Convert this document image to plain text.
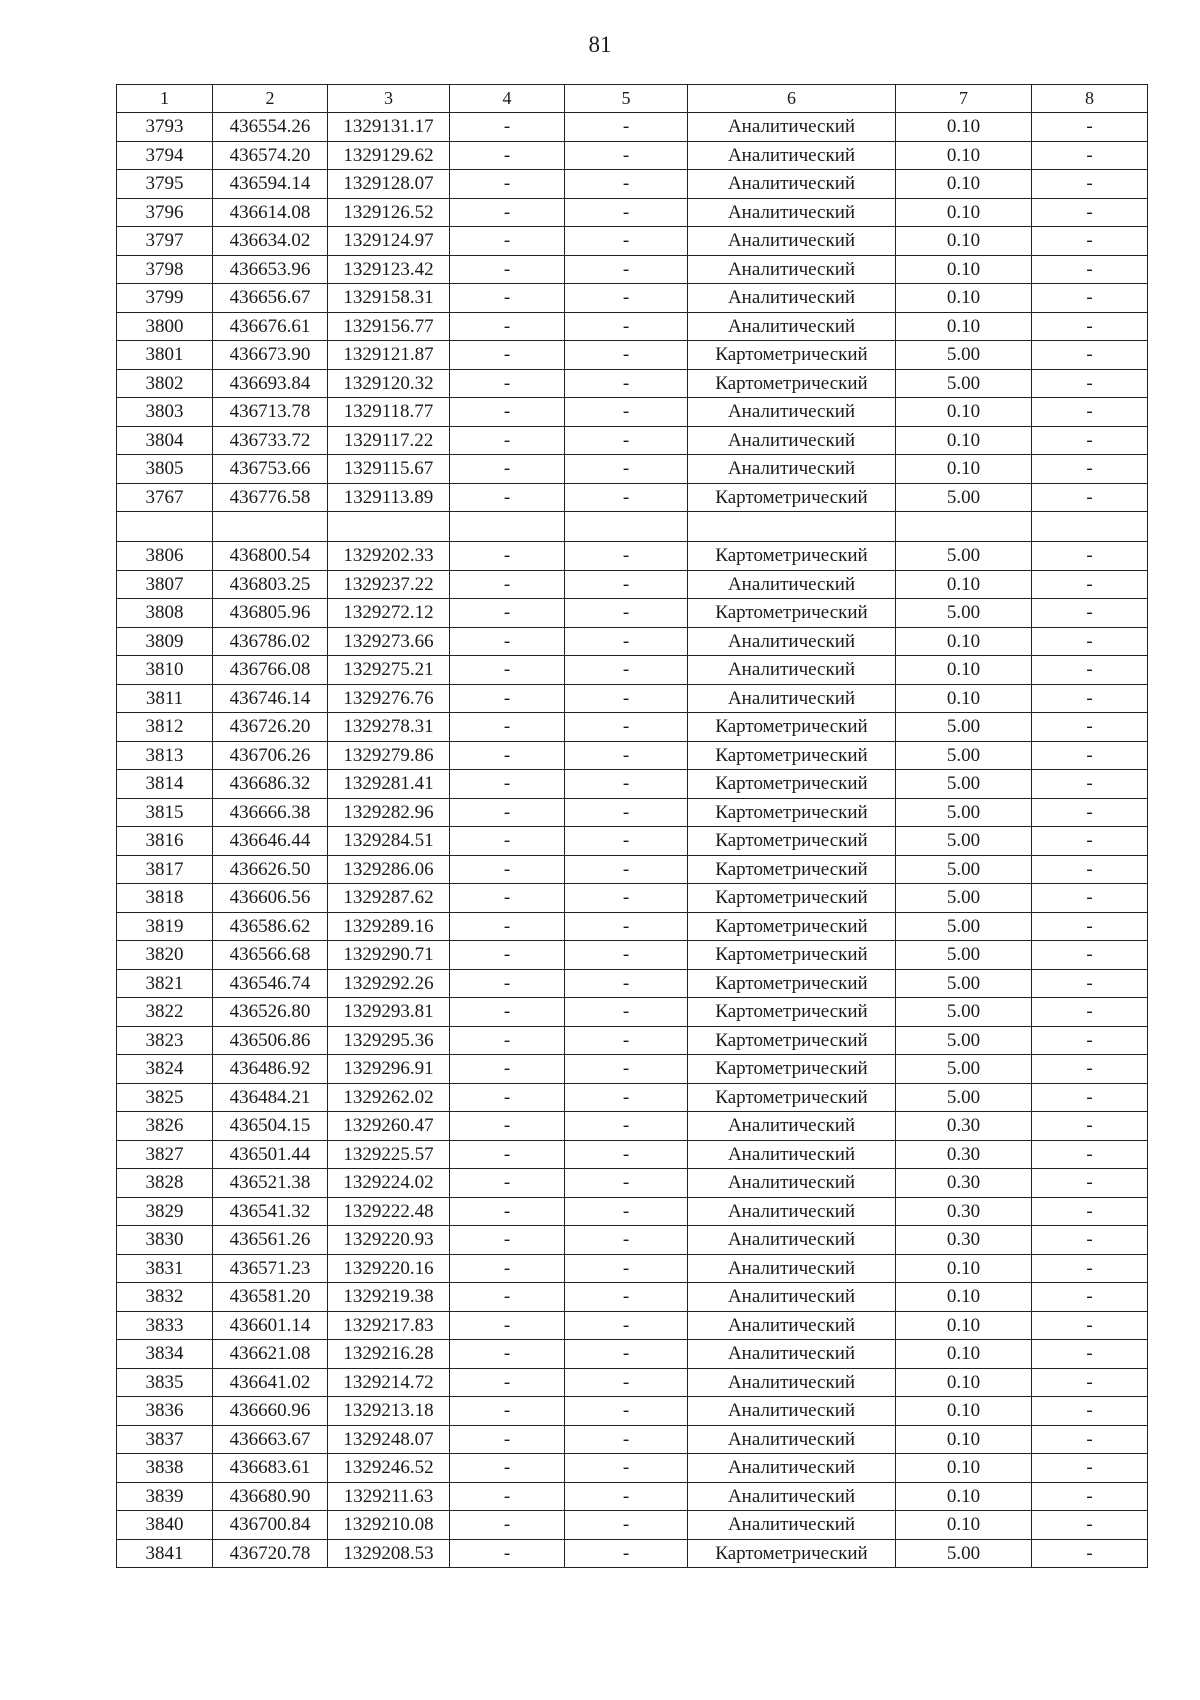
81
1	2	3	4	5	6	7	8
3793	436554.26	1329131.17	-	-	Аналитический	0.10	-
3794	436574.20	1329129.62	-	-	Аналитический	0.10	-
3795	436594.14	1329128.07	-	-	Аналитический	0.10	-
3796	436614.08	1329126.52	-	-	Аналитический	0.10	-
3797	436634.02	1329124.97	-	-	Аналитический	0.10	-
3798	436653.96	1329123.42	-	-	Аналитический	0.10	-
3799	436656.67	1329158.31	-	-	Аналитический	0.10	-
3800	436676.61	1329156.77	-	-	Аналитический	0.10	-
3801	436673.90	1329121.87	-	-	Картометрический	5.00	-
3802	436693.84	1329120.32	-	-	Картометрический	5.00	-
3803	436713.78	1329118.77	-	-	Аналитический	0.10	-
3804	436733.72	1329117.22	-	-	Аналитический	0.10	-
3805	436753.66	1329115.67	-	-	Аналитический	0.10	-
3767	436776.58	1329113.89	-	-	Картометрический	5.00	-

3806	436800.54	1329202.33	-	-	Картометрический	5.00	-
3807	436803.25	1329237.22	-	-	Аналитический	0.10	-
3808	436805.96	1329272.12	-	-	Картометрический	5.00	-
3809	436786.02	1329273.66	-	-	Аналитический	0.10	-
3810	436766.08	1329275.21	-	-	Аналитический	0.10	-
3811	436746.14	1329276.76	-	-	Аналитический	0.10	-
3812	436726.20	1329278.31	-	-	Картометрический	5.00	-
3813	436706.26	1329279.86	-	-	Картометрический	5.00	-
3814	436686.32	1329281.41	-	-	Картометрический	5.00	-
3815	436666.38	1329282.96	-	-	Картометрический	5.00	-
3816	436646.44	1329284.51	-	-	Картометрический	5.00	-
3817	436626.50	1329286.06	-	-	Картометрический	5.00	-
3818	436606.56	1329287.62	-	-	Картометрический	5.00	-
3819	436586.62	1329289.16	-	-	Картометрический	5.00	-
3820	436566.68	1329290.71	-	-	Картометрический	5.00	-
3821	436546.74	1329292.26	-	-	Картометрический	5.00	-
3822	436526.80	1329293.81	-	-	Картометрический	5.00	-
3823	436506.86	1329295.36	-	-	Картометрический	5.00	-
3824	436486.92	1329296.91	-	-	Картометрический	5.00	-
3825	436484.21	1329262.02	-	-	Картометрический	5.00	-
3826	436504.15	1329260.47	-	-	Аналитический	0.30	-
3827	436501.44	1329225.57	-	-	Аналитический	0.30	-
3828	436521.38	1329224.02	-	-	Аналитический	0.30	-
3829	436541.32	1329222.48	-	-	Аналитический	0.30	-
3830	436561.26	1329220.93	-	-	Аналитический	0.30	-
3831	436571.23	1329220.16	-	-	Аналитический	0.10	-
3832	436581.20	1329219.38	-	-	Аналитический	0.10	-
3833	436601.14	1329217.83	-	-	Аналитический	0.10	-
3834	436621.08	1329216.28	-	-	Аналитический	0.10	-
3835	436641.02	1329214.72	-	-	Аналитический	0.10	-
3836	436660.96	1329213.18	-	-	Аналитический	0.10	-
3837	436663.67	1329248.07	-	-	Аналитический	0.10	-
3838	436683.61	1329246.52	-	-	Аналитический	0.10	-
3839	436680.90	1329211.63	-	-	Аналитический	0.10	-
3840	436700.84	1329210.08	-	-	Аналитический	0.10	-
3841	436720.78	1329208.53	-	-	Картометрический	5.00	-
